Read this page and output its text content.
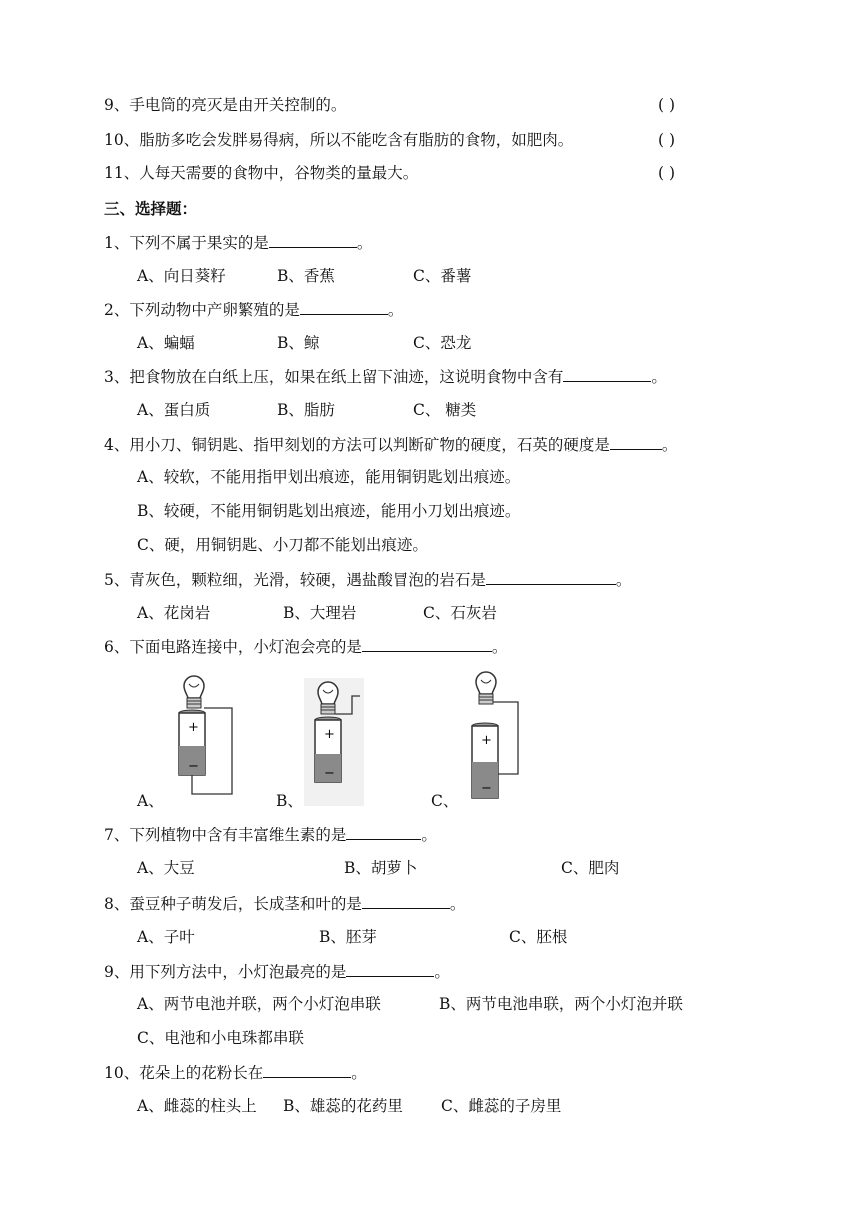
9、手电筒的亮灭是由开关控制的。	( )
10、脂肪多吃会发胖易得病，所以不能吃含有脂肪的食物，如肥肉。	( )
11、人每天需要的食物中，谷物类的量最大。	( )
三、选择题：
1、下列不属于果实的是	。
A、向日葵籽	B、香蕉	C、番薯
2、下列动物中产卵繁殖的是	。
A、蝙蝠	B、鲸	C、恐龙
3、把食物放在白纸上压，如果在纸上留下油迹，这说明食物中含有	。
A、蛋白质	B、脂肪	C、 糖类
4、用小刀、铜钥匙、指甲刻划的方法可以判断矿物的硬度，石英的硬度是	。
A、较软，不能用指甲划出痕迹，能用铜钥匙划出痕迹。
B、较硬，不能用铜钥匙划出痕迹，能用小刀划出痕迹。
C、硬，用铜钥匙、小刀都不能划出痕迹。
5、青灰色，颗粒细，光滑，较硬，遇盐酸冒泡的岩石是	。
A、花岗岩	B、大理岩	C、石灰岩
6、下面电路连接中，小灯泡会亮的是	。
A、
+
−
B、
+
−
C、
+
−
7、下列植物中含有丰富维生素的是	。
A、大豆	B、胡萝卜	C、肥肉
8、蚕豆种子萌发后，长成茎和叶的是	。
A、子叶	B、胚芽	C、胚根
9、用下列方法中，小灯泡最亮的是	。
A、两节电池并联，两个小灯泡串联	B、两节电池串联，两个小灯泡并联
C、电池和小电珠都串联
10、花朵上的花粉长在	。
A、雌蕊的柱头上 B、雄蕊的花药里 C、雌蕊的子房里
